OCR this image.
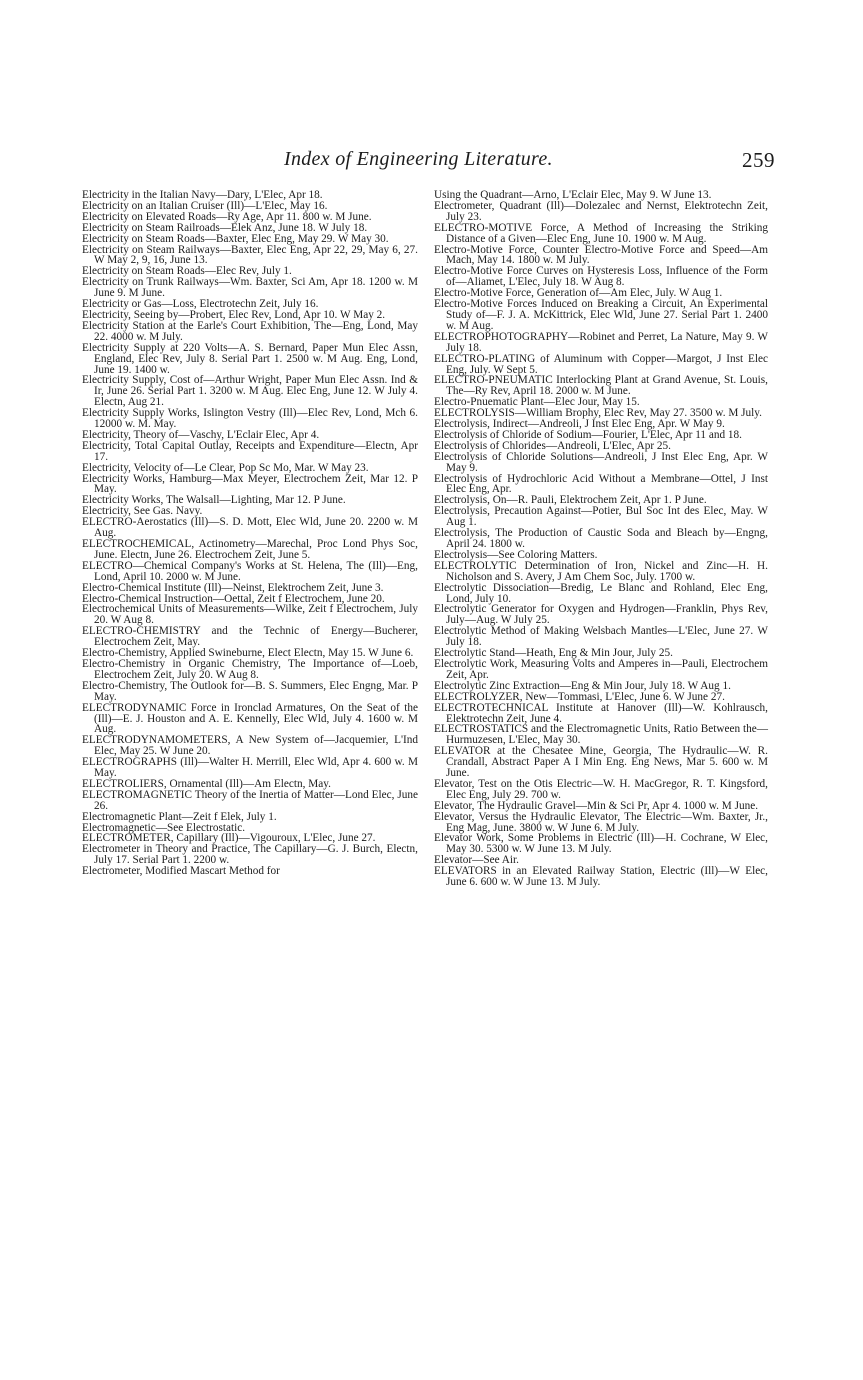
Index of Engineering Literature.	259

Electricity in the Italian Navy—Dary, L'Elec, Apr 18.

Electricity on an Italian Cruiser (Ill)—L'Elec, May 16.

Electricity on Elevated Roads—Ry Age, Apr 11. 800 w. M June.

Electricity on Steam Railroads—Elek Anz, June 18. W July 18.

Electricity on Steam Roads—Baxter, Elec Eng, May 29. W May 30.

Electricity on Steam Railways—Baxter, Elec Eng, Apr 22, 29, May 6, 27. W May 2, 9, 16, June 13.

Electricity on Steam Roads—Elec Rev, July 1.

Electricity on Trunk Railways—Wm. Baxter, Sci Am, Apr 18. 1200 w. M June 9. M June.

Electricity or Gas—Loss, Electrotechn Zeit, July 16.

Electricity, Seeing by—Probert, Elec Rev, Lond, Apr 10. W May 2.

Electricity Station at the Earle's Court Exhibition, The—Eng, Lond, May 22. 4000 w. M July.

Electricity Supply at 220 Volts—A. S. Bernard, Paper Mun Elec Assn, England, Elec Rev, July 8. Serial Part 1. 2500 w. M Aug. Eng, Lond, June 19. 1400 w.

Electricity Supply, Cost of—Arthur Wright, Paper Mun Elec Assn. Ind & Ir, June 26. Serial Part 1. 3200 w. M Aug. Elec Eng, June 12. W July 4. Electn, Aug 21.

Electricity Supply Works, Islington Vestry (Ill)—Elec Rev, Lond, Mch 6. 12000 w. M. May.

Electricity, Theory of—Vaschy, L'Eclair Elec, Apr 4.

Electricity, Total Capital Outlay, Receipts and Expenditure—Electn, Apr 17.

Electricity, Velocity of—Le Clear, Pop Sc Mo, Mar. W May 23.

Electricity Works, Hamburg—Max Meyer, Electrochem Zeit, Mar 12. P May.

Electricity Works, The Walsall—Lighting, Mar 12. P June.

Electricity, See Gas. Navy.

ELECTRO-Aerostatics (Ill)—S. D. Mott, Elec Wld, June 20. 2200 w. M Aug.

ELECTROCHEMICAL, Actinometry—Marechal, Proc Lond Phys Soc, June. Electn, June 26. Electrochem Zeit, June 5.

ELECTRO—Chemical Company's Works at St. Helena, The (Ill)—Eng, Lond, April 10. 2000 w. M June.

Electro-Chemical Institute (Ill)—Neinst, Elektrochem Zeit, June 3.

Electro-Chemical Instruction—Oettal, Zeit f Electrochem, June 20.

Electrochemical Units of Measurements—Wilke, Zeit f Electrochem, July 20. W Aug 8.

ELECTRO-CHEMISTRY and the Technic of Energy—Bucherer, Electrochem Zeit, May.

Electro-Chemistry, Applied Swineburne, Elect Electn, May 15. W June 6.

Electro-Chemistry in Organic Chemistry, The Importance of—Loeb, Electrochem Zeit, July 20. W Aug 8.

Electro-Chemistry, The Outlook for—B. S. Summers, Elec Engng, Mar. P May.

ELECTRODYNAMIC Force in Ironclad Armatures, On the Seat of the (Ill)—E. J. Houston and A. E. Kennelly, Elec Wld, July 4. 1600 w. M Aug.

ELECTRODYNAMOMETERS, A New System of—Jacquemier, L'Ind Elec, May 25. W June 20.

ELECTROGRAPHS (Ill)—Walter H. Merrill, Elec Wld, Apr 4. 600 w. M May.

ELECTROLIERS, Ornamental (Ill)—Am Electn, May.

ELECTROMAGNETIC Theory of the Inertia of Matter—Lond Elec, June 26.

Electromagnetic Plant—Zeit f Elek, July 1.

Electromagnetic—See Electrostatic.

ELECTROMETER, Capillary (Ill)—Vigouroux, L'Elec, June 27.

Electrometer in Theory and Practice, The Capillary—G. J. Burch, Electn, July 17. Serial Part 1. 2200 w.

Electrometer, Modified Mascart Method for

Using the Quadrant—Arno, L'Eclair Elec, May 9. W June 13.

Electrometer, Quadrant (Ill)—Dolezalec and Nernst, Elektrotechn Zeit, July 23.

ELECTRO-MOTIVE Force, A Method of Increasing the Striking Distance of a Given—Elec Eng, June 10. 1900 w. M Aug.

Electro-Motive Force, Counter Electro-Motive Force and Speed—Am Mach, May 14. 1800 w. M July.

Electro-Motive Force Curves on Hysteresis Loss, Influence of the Form of—Aliamet, L'Elec, July 18. W Aug 8.

Electro-Motive Force, Generation of—Am Elec, July. W Aug 1.

Electro-Motive Forces Induced on Breaking a Circuit, An Experimental Study of—F. J. A. McKittrick, Elec Wld, June 27. Serial Part 1. 2400 w. M Aug.

ELECTROPHOTOGRAPHY—Robinet and Perret, La Nature, May 9. W July 18.

ELECTRO-PLATING of Aluminum with Copper—Margot, J Inst Elec Eng, July. W Sept 5.

ELECTRO-PNEUMATIC Interlocking Plant at Grand Avenue, St. Louis, The—Ry Rev, April 18. 2000 w. M June.

Electro-Pnuematic Plant—Elec Jour, May 15.

ELECTROLYSIS—William Brophy, Elec Rev, May 27. 3500 w. M July.

Electrolysis, Indirect—Andreoli, J Inst Elec Eng, Apr. W May 9.

Electrolysis of Chloride of Sodium—Fourier, L'Elec, Apr 11 and 18.

Electrolysis of Chlorides—Andreoli, L'Elec, Apr 25.

Electrolysis of Chloride Solutions—Andreoli, J Inst Elec Eng, Apr. W May 9.

Electrolysis of Hydrochloric Acid Without a Membrane—Ottel, J Inst Elec Eng, Apr.

Electrolysis, On—R. Pauli, Elektrochem Zeit, Apr 1. P June.

Electrolysis, Precaution Against—Potier, Bul Soc Int des Elec, May. W Aug 1.

Electrolysis, The Production of Caustic Soda and Bleach by—Engng, April 24. 1800 w.

Electrolysis—See Coloring Matters.

ELECTROLYTIC Determination of Iron, Nickel and Zinc—H. H. Nicholson and S. Avery, J Am Chem Soc, July. 1700 w.

Electrolytic Dissociation—Bredig, Le Blanc and Rohland, Elec Eng, Lond, July 10.

Electrolytic Generator for Oxygen and Hydrogen—Franklin, Phys Rev, July—Aug. W July 25.

Electrolytic Method of Making Welsbach Mantles—L'Elec, June 27. W July 18.

Electrolytic Stand—Heath, Eng & Min Jour, July 25.

Electrolytic Work, Measuring Volts and Amperes in—Pauli, Electrochem Zeit, Apr.

Electrolytic Zinc Extraction—Eng & Min Jour, July 18. W Aug 1.

ELECTROLYZER, New—Tommasi, L'Elec, June 6. W June 27.

ELECTROTECHNICAL Institute at Hanover (Ill)—W. Kohlrausch, Elektrotechn Zeit, June 4.

ELECTROSTATICS and the Electromagnetic Units, Ratio Between the—Hurmuzesen, L'Elec, May 30.

ELEVATOR at the Chesatee Mine, Georgia, The Hydraulic—W. R. Crandall, Abstract Paper A I Min Eng. Eng News, Mar 5. 600 w. M June.

Elevator, Test on the Otis Electric—W. H. MacGregor, R. T. Kingsford, Elec Eng, July 29. 700 w.

Elevator, The Hydraulic Gravel—Min & Sci Pr, Apr 4. 1000 w. M June.

Elevator, Versus the Hydraulic Elevator, The Electric—Wm. Baxter, Jr., Eng Mag, June. 3800 w. W June 6. M July.

Elevator Work, Some Problems in Electric (Ill)—H. Cochrane, W Elec, May 30. 5300 w. W June 13. M July.

Elevator—See Air.

ELEVATORS in an Elevated Railway Station, Electric (Ill)—W Elec, June 6. 600 w. W June 13. M July.
